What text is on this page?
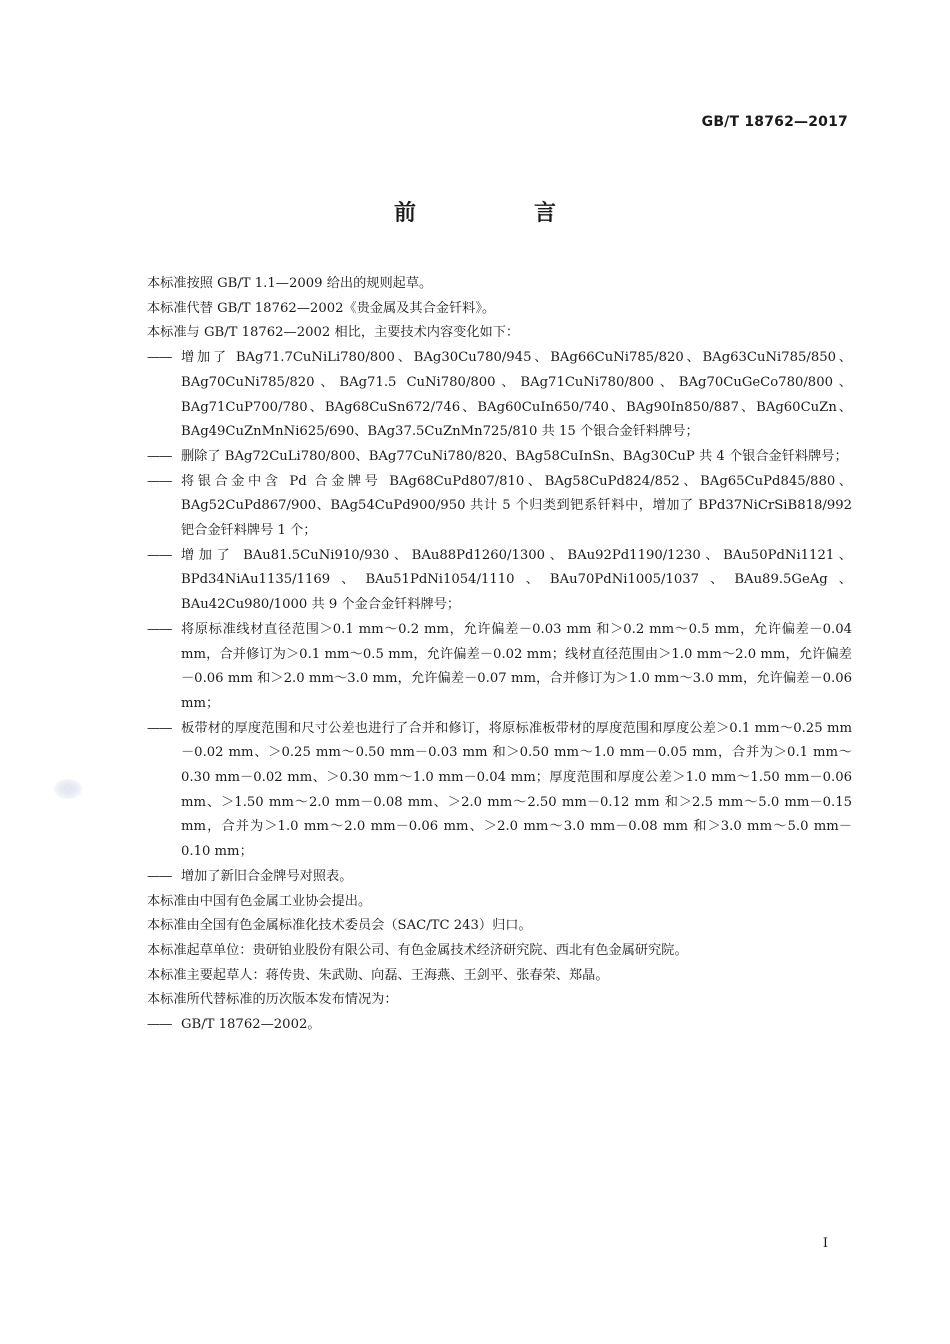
GB/T 18762—2017
前　言

本标准按照 GB/T 1.1—2009 给出的规则起草。

本标准代替 GB/T 18762—2002《贵金属及其合金钎料》。

本标准与 GB/T 18762—2002 相比，主要技术内容变化如下：

—— 增加了 BAg71.7CuNiLi780/800、BAg30Cu780/945、BAg66CuNi785/820、BAg63CuNi785/850、BAg70CuNi785/820、BAg71.5 CuNi780/800、BAg71CuNi780/800、BAg70CuGeCo780/800、BAg71CuP700/780、BAg68CuSn672/746、BAg60CuIn650/740、BAg90In850/887、BAg60CuZn、BAg49CuZnMnNi625/690、BAg37.5CuZnMn725/810 共 15 个银合金钎料牌号；
—— 删除了 BAg72CuLi780/800、BAg77CuNi780/820、BAg58CuInSn、BAg30CuP 共 4 个银合金钎料牌号；
—— 将银合金中含 Pd 合金牌号 BAg68CuPd807/810、BAg58CuPd824/852、BAg65CuPd845/880、BAg52CuPd867/900、BAg54CuPd900/950 共计 5 个归类到钯系钎料中，增加了 BPd37NiCrSiB818/992 钯合金钎料牌号 1 个；
—— 增加了 BAu81.5CuNi910/930、BAu88Pd1260/1300、BAu92Pd1190/1230、BAu50PdNi1121、BPd34NiAu1135/1169、BAu51PdNi1054/1110、BAu70PdNi1005/1037、BAu89.5GeAg、BAu42Cu980/1000 共 9 个金合金钎料牌号；
—— 将原标准线材直径范围＞0.1 mm～0.2 mm，允许偏差－0.03 mm 和＞0.2 mm～0.5 mm，允许偏差－0.04 mm，合并修订为＞0.1 mm～0.5 mm，允许偏差－0.02 mm；线材直径范围由＞1.0 mm～2.0 mm，允许偏差－0.06 mm 和＞2.0 mm～3.0 mm，允许偏差－0.07 mm，合并修订为＞1.0 mm～3.0 mm，允许偏差－0.06 mm；
—— 板带材的厚度范围和尺寸公差也进行了合并和修订，将原标准板带材的厚度范围和厚度公差＞0.1 mm～0.25 mm－0.02 mm、＞0.25 mm～0.50 mm－0.03 mm 和＞0.50 mm～1.0 mm－0.05 mm，合并为＞0.1 mm～0.30 mm－0.02 mm、＞0.30 mm～1.0 mm－0.04 mm；厚度范围和厚度公差＞1.0 mm～1.50 mm－0.06 mm、＞1.50 mm～2.0 mm－0.08 mm、＞2.0 mm～2.50 mm－0.12 mm 和＞2.5 mm～5.0 mm－0.15 mm，合并为＞1.0 mm～2.0 mm－0.06 mm、＞2.0 mm～3.0 mm－0.08 mm 和＞3.0 mm～5.0 mm－0.10 mm；
—— 增加了新旧合金牌号对照表。

本标准由中国有色金属工业协会提出。

本标准由全国有色金属标准化技术委员会（SAC/TC 243）归口。

本标准起草单位：贵研铂业股份有限公司、有色金属技术经济研究院、西北有色金属研究院。

本标准主要起草人：蒋传贵、朱武勋、向磊、王海燕、王剑平、张春荣、郑晶。

本标准所代替标准的历次版本发布情况为：

—— GB/T 18762—2002。
SAC
I
